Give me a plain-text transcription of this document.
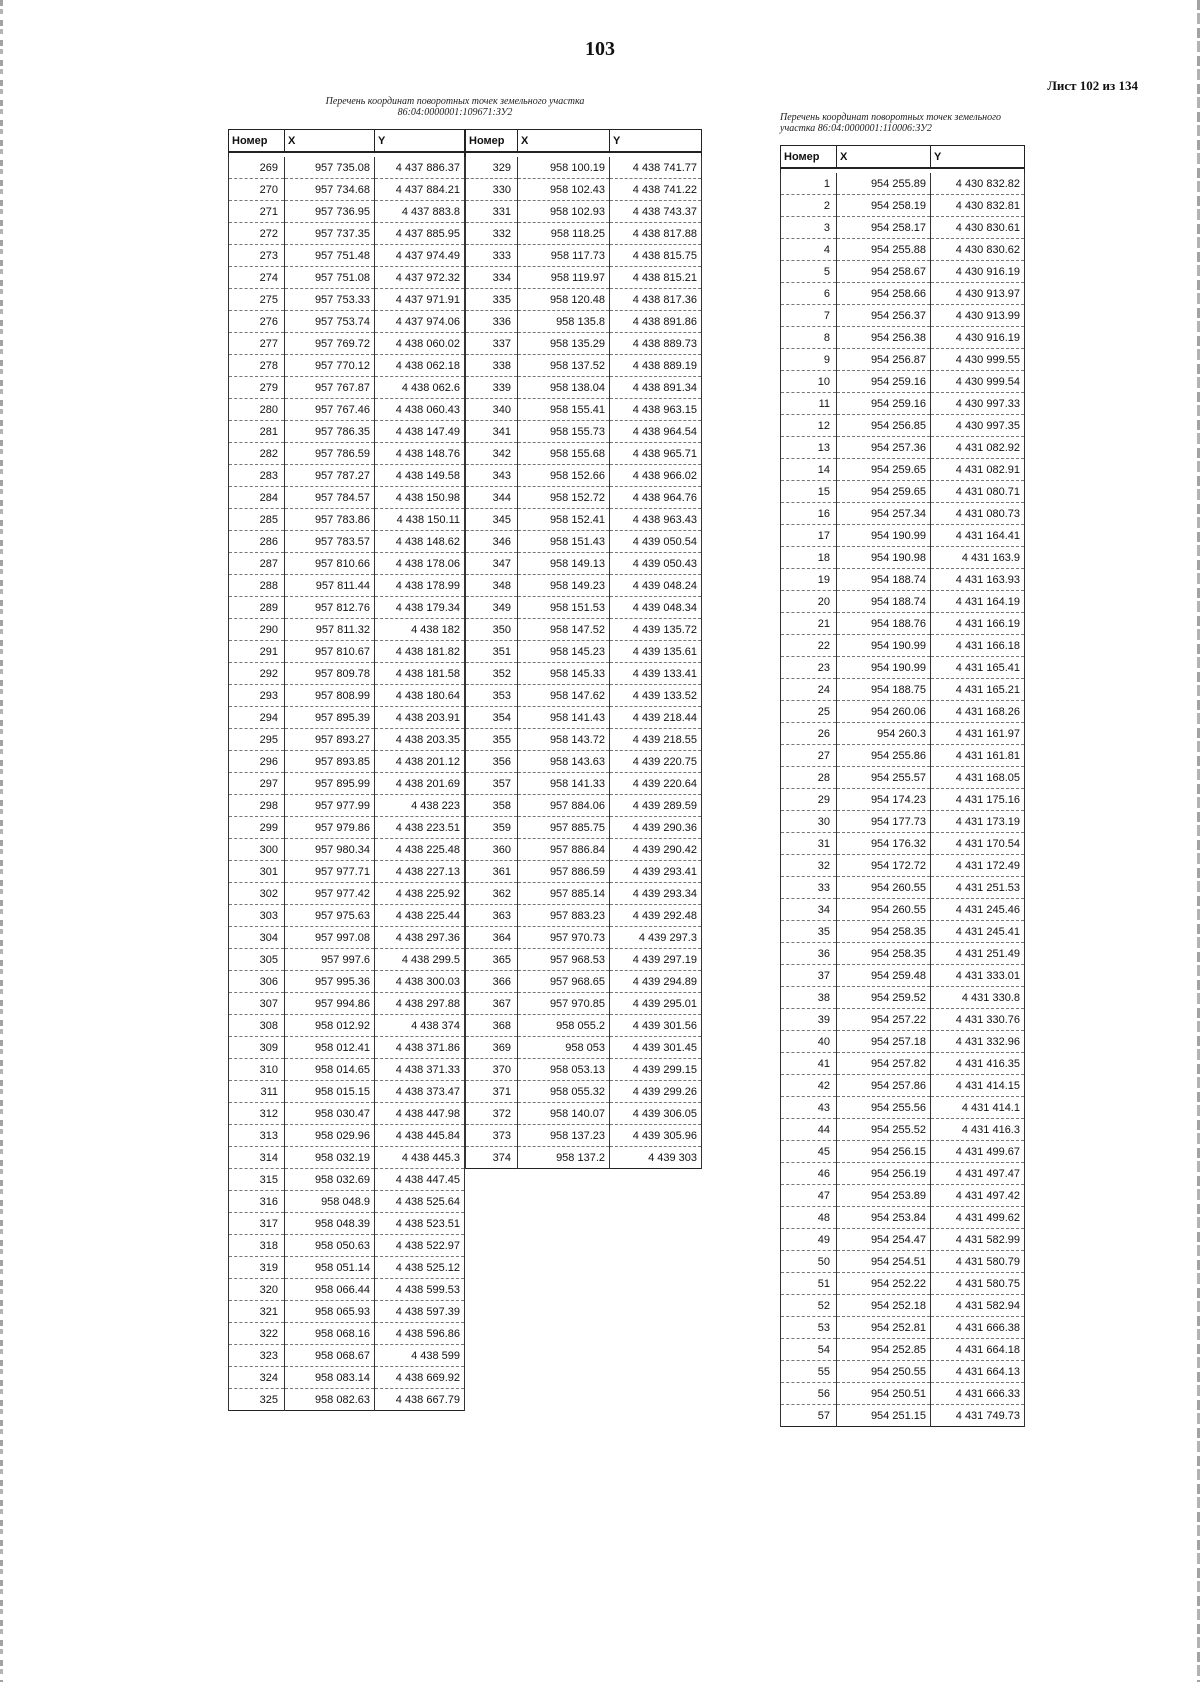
103
Лист 102 из 134
Перечень координат поворотных точек земельного участка
86:04:0000001:109671:ЗУ2	Перечень координат поворотных точек земельного
участка 86:04:0000001:110006:ЗУ2
Номер	X	Y

269	957 735.08	4 437 886.37
270	957 734.68	4 437 884.21
271	957 736.95	4 437 883.8
272	957 737.35	4 437 885.95
273	957 751.48	4 437 974.49
274	957 751.08	4 437 972.32
275	957 753.33	4 437 971.91
276	957 753.74	4 437 974.06
277	957 769.72	4 438 060.02
278	957 770.12	4 438 062.18
279	957 767.87	4 438 062.6
280	957 767.46	4 438 060.43
281	957 786.35	4 438 147.49
282	957 786.59	4 438 148.76
283	957 787.27	4 438 149.58
284	957 784.57	4 438 150.98
285	957 783.86	4 438 150.11
286	957 783.57	4 438 148.62
287	957 810.66	4 438 178.06
288	957 811.44	4 438 178.99
289	957 812.76	4 438 179.34
290	957 811.32	4 438 182
291	957 810.67	4 438 181.82
292	957 809.78	4 438 181.58
293	957 808.99	4 438 180.64
294	957 895.39	4 438 203.91
295	957 893.27	4 438 203.35
296	957 893.85	4 438 201.12
297	957 895.99	4 438 201.69
298	957 977.99	4 438 223
299	957 979.86	4 438 223.51
300	957 980.34	4 438 225.48
301	957 977.71	4 438 227.13
302	957 977.42	4 438 225.92
303	957 975.63	4 438 225.44
304	957 997.08	4 438 297.36
305	957 997.6	4 438 299.5
306	957 995.36	4 438 300.03
307	957 994.86	4 438 297.88
308	958 012.92	4 438 374
309	958 012.41	4 438 371.86
310	958 014.65	4 438 371.33
311	958 015.15	4 438 373.47
312	958 030.47	4 438 447.98
313	958 029.96	4 438 445.84
314	958 032.19	4 438 445.3
315	958 032.69	4 438 447.45
316	958 048.9	4 438 525.64
317	958 048.39	4 438 523.51
318	958 050.63	4 438 522.97
319	958 051.14	4 438 525.12
320	958 066.44	4 438 599.53
321	958 065.93	4 438 597.39
322	958 068.16	4 438 596.86
323	958 068.67	4 438 599
324	958 083.14	4 438 669.92
325	958 082.63	4 438 667.79
Номер	X	Y

329	958 100.19	4 438 741.77
330	958 102.43	4 438 741.22
331	958 102.93	4 438 743.37
332	958 118.25	4 438 817.88
333	958 117.73	4 438 815.75
334	958 119.97	4 438 815.21
335	958 120.48	4 438 817.36
336	958 135.8	4 438 891.86
337	958 135.29	4 438 889.73
338	958 137.52	4 438 889.19
339	958 138.04	4 438 891.34
340	958 155.41	4 438 963.15
341	958 155.73	4 438 964.54
342	958 155.68	4 438 965.71
343	958 152.66	4 438 966.02
344	958 152.72	4 438 964.76
345	958 152.41	4 438 963.43
346	958 151.43	4 439 050.54
347	958 149.13	4 439 050.43
348	958 149.23	4 439 048.24
349	958 151.53	4 439 048.34
350	958 147.52	4 439 135.72
351	958 145.23	4 439 135.61
352	958 145.33	4 439 133.41
353	958 147.62	4 439 133.52
354	958 141.43	4 439 218.44
355	958 143.72	4 439 218.55
356	958 143.63	4 439 220.75
357	958 141.33	4 439 220.64
358	957 884.06	4 439 289.59
359	957 885.75	4 439 290.36
360	957 886.84	4 439 290.42
361	957 886.59	4 439 293.41
362	957 885.14	4 439 293.34
363	957 883.23	4 439 292.48
364	957 970.73	4 439 297.3
365	957 968.53	4 439 297.19
366	957 968.65	4 439 294.89
367	957 970.85	4 439 295.01
368	958 055.2	4 439 301.56
369	958 053	4 439 301.45
370	958 053.13	4 439 299.15
371	958 055.32	4 439 299.26
372	958 140.07	4 439 306.05
373	958 137.23	4 439 305.96
374	958 137.2	4 439 303
Номер	X	Y

1	954 255.89	4 430 832.82
2	954 258.19	4 430 832.81
3	954 258.17	4 430 830.61
4	954 255.88	4 430 830.62
5	954 258.67	4 430 916.19
6	954 258.66	4 430 913.97
7	954 256.37	4 430 913.99
8	954 256.38	4 430 916.19
9	954 256.87	4 430 999.55
10	954 259.16	4 430 999.54
11	954 259.16	4 430 997.33
12	954 256.85	4 430 997.35
13	954 257.36	4 431 082.92
14	954 259.65	4 431 082.91
15	954 259.65	4 431 080.71
16	954 257.34	4 431 080.73
17	954 190.99	4 431 164.41
18	954 190.98	4 431 163.9
19	954 188.74	4 431 163.93
20	954 188.74	4 431 164.19
21	954 188.76	4 431 166.19
22	954 190.99	4 431 166.18
23	954 190.99	4 431 165.41
24	954 188.75	4 431 165.21
25	954 260.06	4 431 168.26
26	954 260.3	4 431 161.97
27	954 255.86	4 431 161.81
28	954 255.57	4 431 168.05
29	954 174.23	4 431 175.16
30	954 177.73	4 431 173.19
31	954 176.32	4 431 170.54
32	954 172.72	4 431 172.49
33	954 260.55	4 431 251.53
34	954 260.55	4 431 245.46
35	954 258.35	4 431 245.41
36	954 258.35	4 431 251.49
37	954 259.48	4 431 333.01
38	954 259.52	4 431 330.8
39	954 257.22	4 431 330.76
40	954 257.18	4 431 332.96
41	954 257.82	4 431 416.35
42	954 257.86	4 431 414.15
43	954 255.56	4 431 414.1
44	954 255.52	4 431 416.3
45	954 256.15	4 431 499.67
46	954 256.19	4 431 497.47
47	954 253.89	4 431 497.42
48	954 253.84	4 431 499.62
49	954 254.47	4 431 582.99
50	954 254.51	4 431 580.79
51	954 252.22	4 431 580.75
52	954 252.18	4 431 582.94
53	954 252.81	4 431 666.38
54	954 252.85	4 431 664.18
55	954 250.55	4 431 664.13
56	954 250.51	4 431 666.33
57	954 251.15	4 431 749.73
